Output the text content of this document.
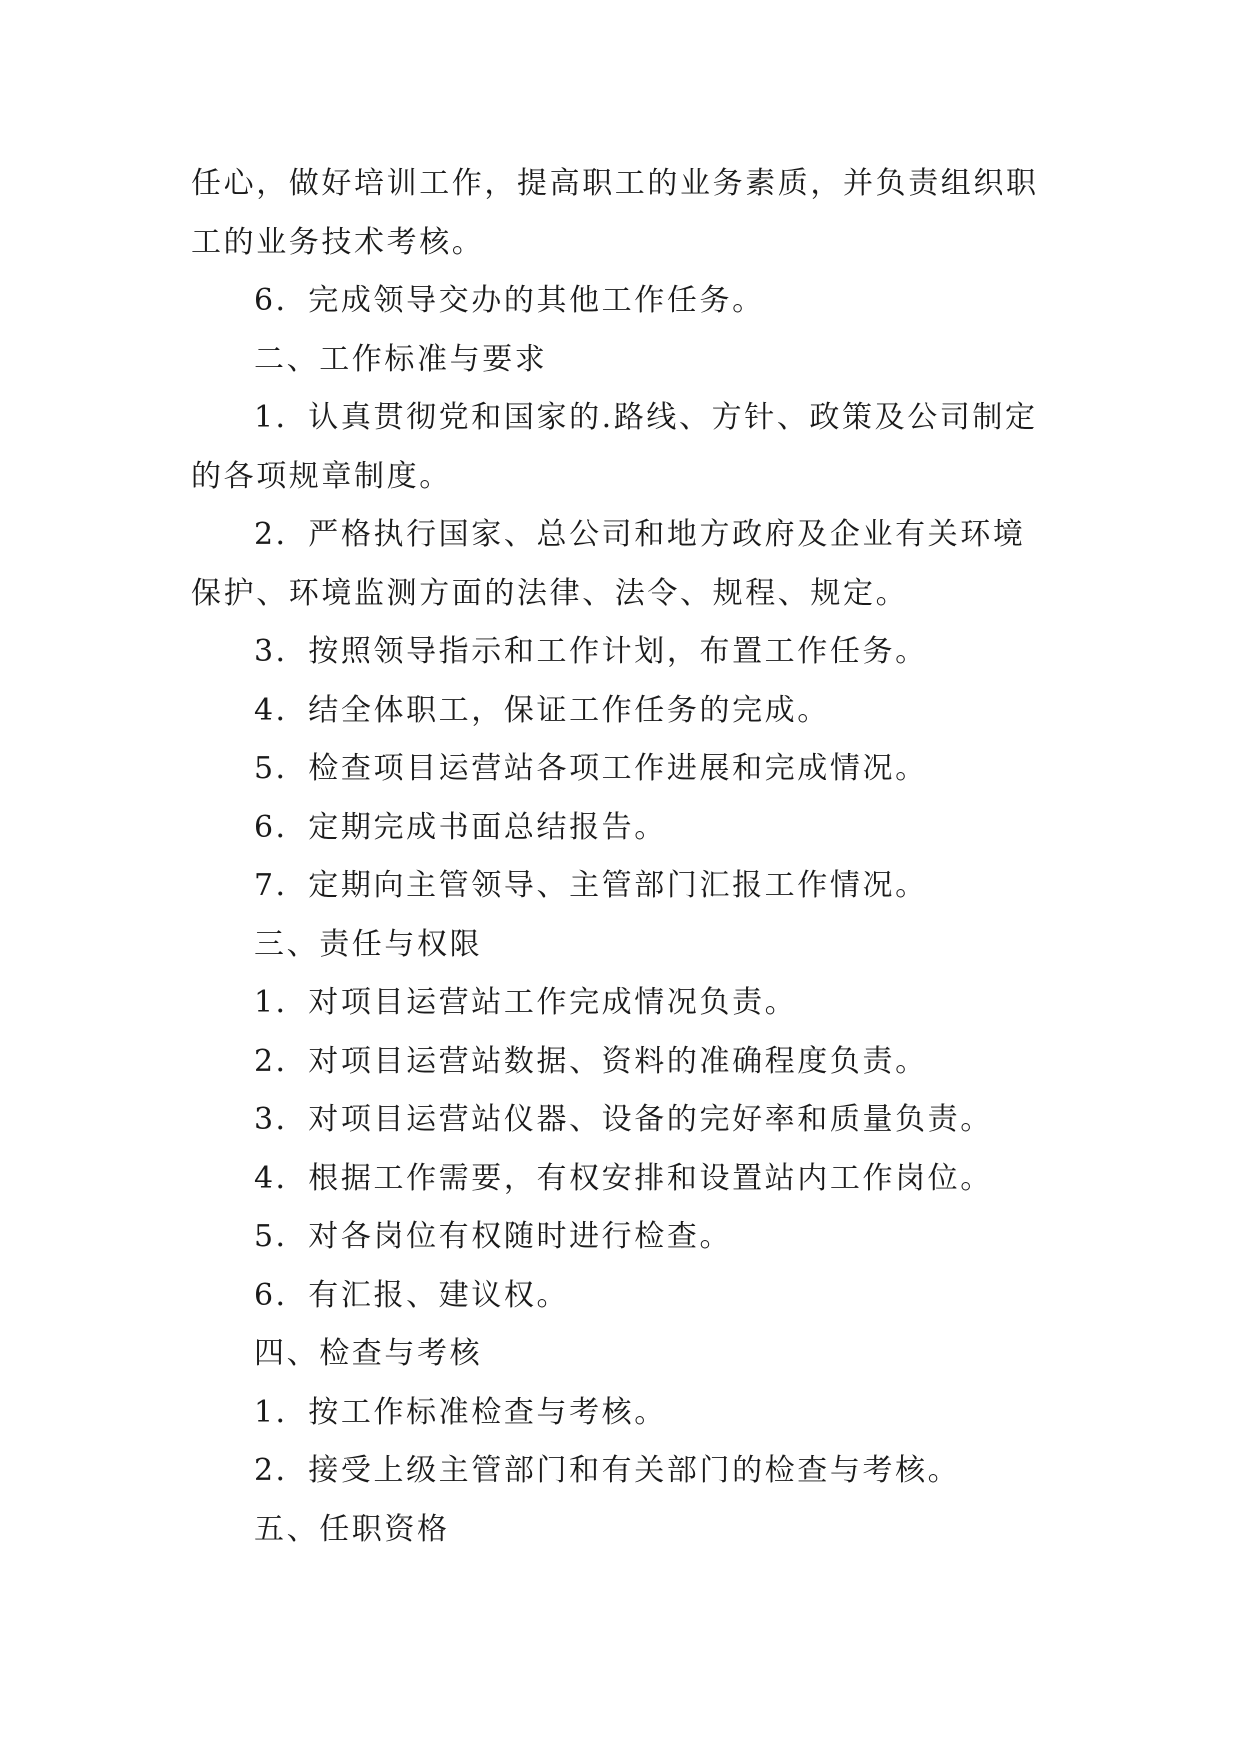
任心，做好培训工作，提高职工的业务素质，并负责组织职
工的业务技术考核。
6．完成领导交办的其他工作任务。
二、工作标准与要求
1．认真贯彻党和国家的.路线、方针、政策及公司制定
的各项规章制度。
2．严格执行国家、总公司和地方政府及企业有关环境
保护、环境监测方面的法律、法令、规程、规定。
3．按照领导指示和工作计划，布置工作任务。
4．结全体职工，保证工作任务的完成。
5．检查项目运营站各项工作进展和完成情况。
6．定期完成书面总结报告。
7．定期向主管领导、主管部门汇报工作情况。
三、责任与权限
1．对项目运营站工作完成情况负责。
2．对项目运营站数据、资料的准确程度负责。
3．对项目运营站仪器、设备的完好率和质量负责。
4．根据工作需要，有权安排和设置站内工作岗位。
5．对各岗位有权随时进行检查。
6．有汇报、建议权。
四、检查与考核
1．按工作标准检查与考核。
2．接受上级主管部门和有关部门的检查与考核。
五、任职资格
